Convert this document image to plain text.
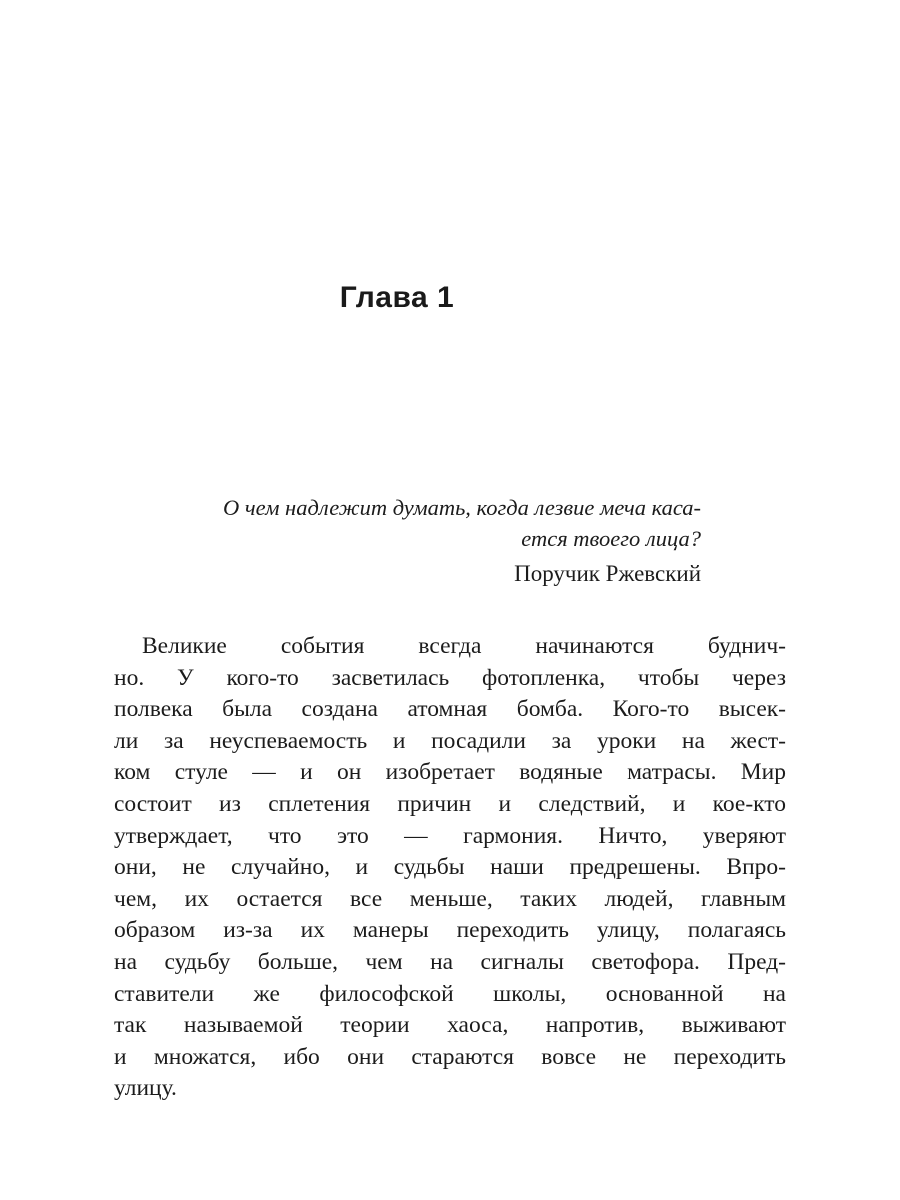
Глава 1
О чем надлежит думать, когда лезвие меча каса-
ется твоего лица?
Поручик Ржевский
Великие события всегда начинаются буднич-
но. У кого-то засветилась фотопленка, чтобы через
полвека была создана атомная бомба. Кого-то высек-
ли за неуспеваемость и посадили за уроки на жест-
ком стуле — и он изобретает водяные матрасы. Мир
состоит из сплетения причин и следствий, и кое-кто
утверждает, что это — гармония. Ничто, уверяют
они, не случайно, и судьбы наши предрешены. Впро-
чем, их остается все меньше, таких людей, главным
образом из-за их манеры переходить улицу, полагаясь
на судьбу больше, чем на сигналы светофора. Пред-
ставители же философской школы, основанной на
так называемой теории хаоса, напротив, выживают
и множатся, ибо они стараются вовсе не переходить
улицу.
